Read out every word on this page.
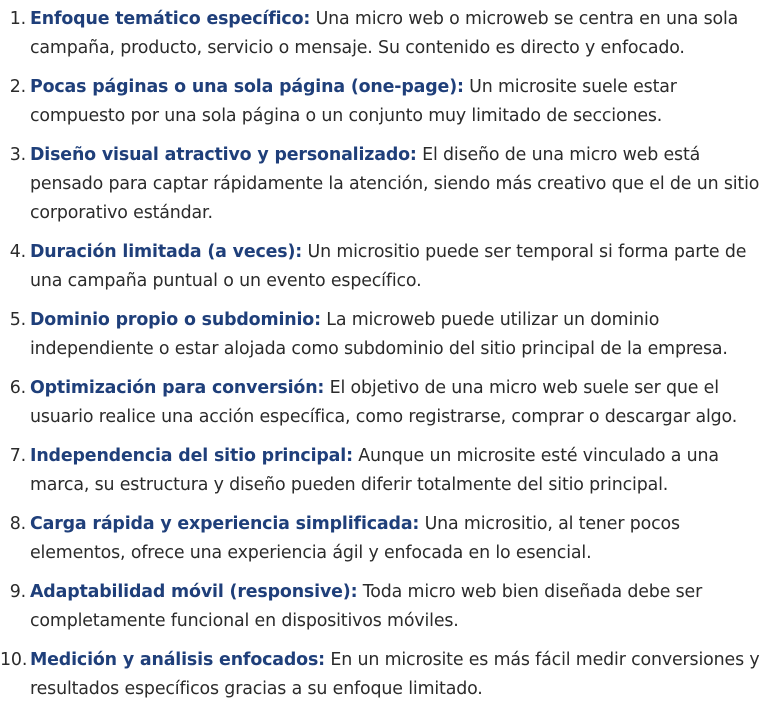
1. Enfoque temático específico: Una micro web o microweb se centra en una sola campaña, producto, servicio o mensaje. Su contenido es directo y enfocado.
2. Pocas páginas o una sola página (one-page): Un microsite suele estar compuesto por una sola página o un conjunto muy limitado de secciones.
3. Diseño visual atractivo y personalizado: El diseño de una micro web está pensado para captar rápidamente la atención, siendo más creativo que el de un sitio corporativo estándar.
4. Duración limitada (a veces): Un micrositio puede ser temporal si forma parte de una campaña puntual o un evento específico.
5. Dominio propio o subdominio: La microweb puede utilizar un dominio independiente o estar alojada como subdominio del sitio principal de la empresa.
6. Optimización para conversión: El objetivo de una micro web suele ser que el usuario realice una acción específica, como registrarse, comprar o descargar algo.
7. Independencia del sitio principal: Aunque un microsite esté vinculado a una marca, su estructura y diseño pueden diferir totalmente del sitio principal.
8. Carga rápida y experiencia simplificada: Una micrositio, al tener pocos elementos, ofrece una experiencia ágil y enfocada en lo esencial.
9. Adaptabilidad móvil (responsive): Toda micro web bien diseñada debe ser completamente funcional en dispositivos móviles.
10. Medición y análisis enfocados: En un microsite es más fácil medir conversiones y resultados específicos gracias a su enfoque limitado.
